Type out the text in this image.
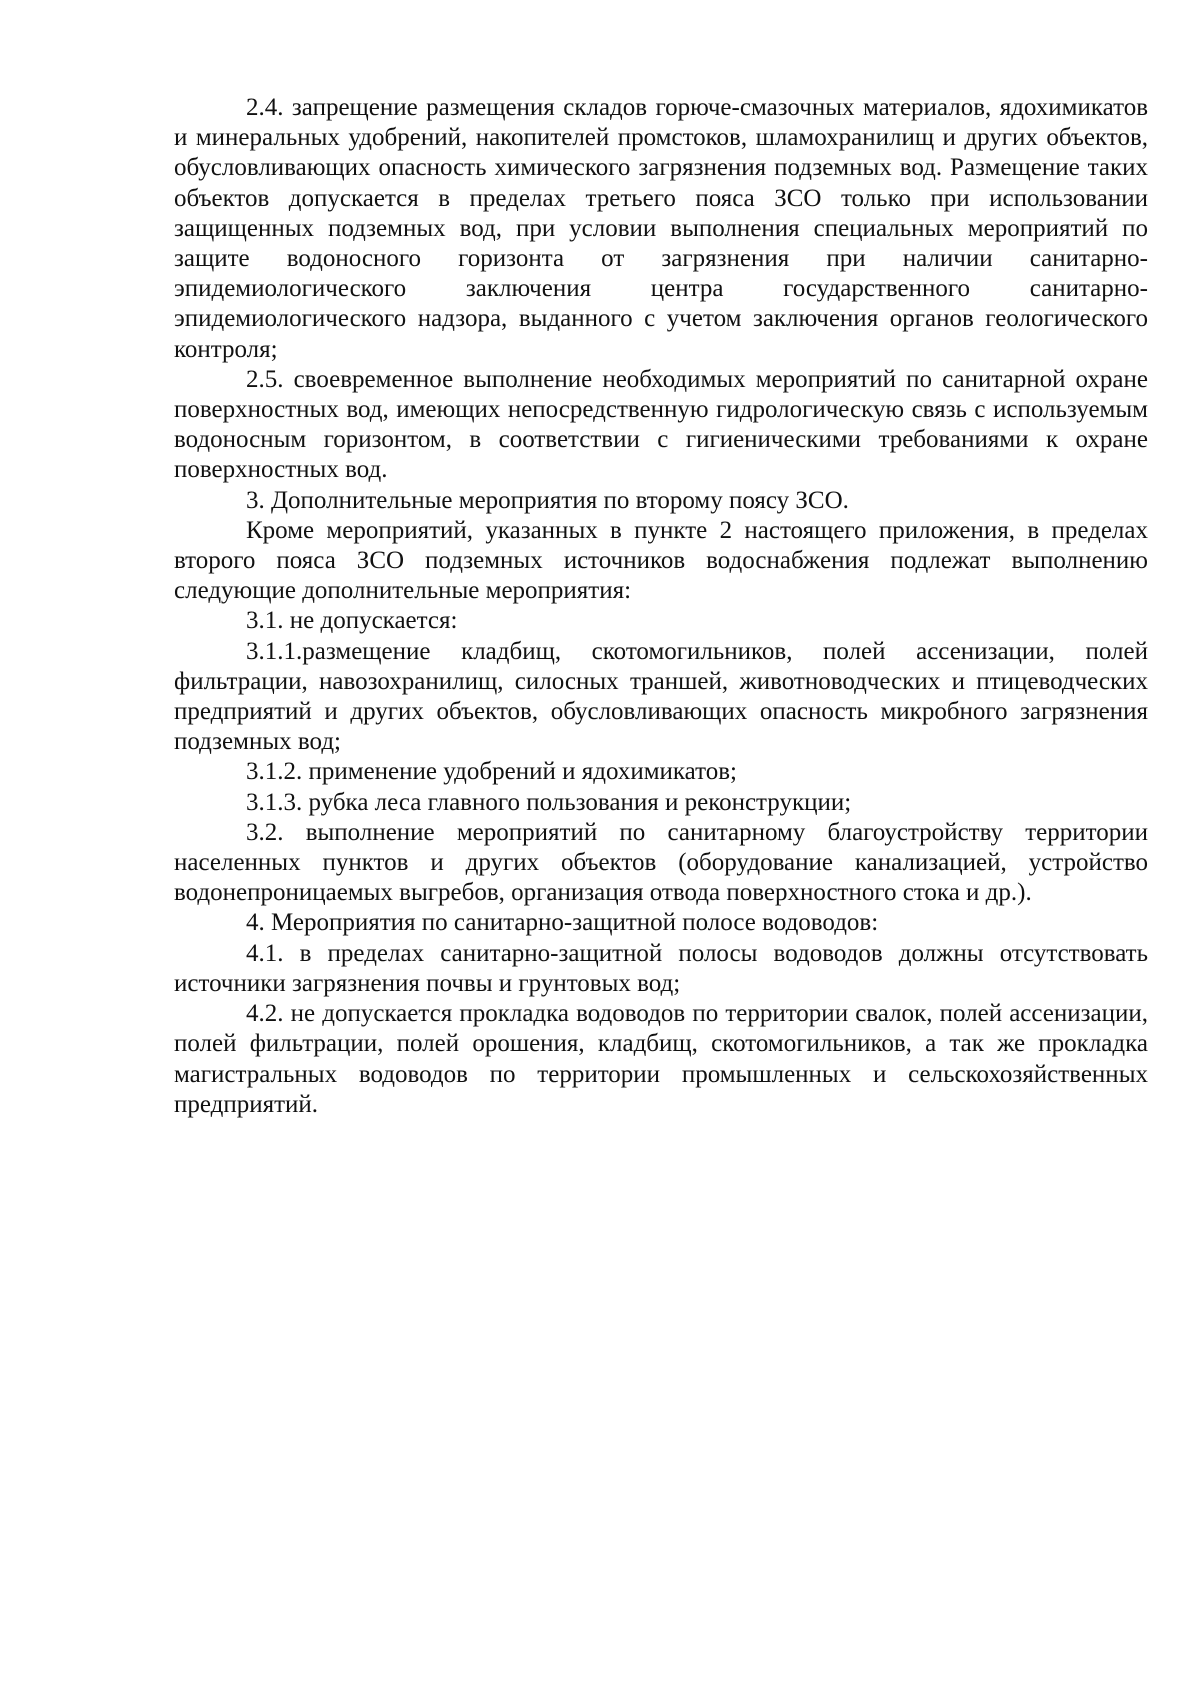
2.4. запрещение размещения складов горюче-смазочных материалов, ядохимикатов и минеральных удобрений, накопителей промстоков, шламохранилищ и других объектов, обусловливающих опасность химического загрязнения подземных вод. Размещение таких объектов допускается в пределах третьего пояса ЗСО только при использовании защищенных подземных вод, при условии выполнения специальных мероприятий по защите водоносного горизонта от загрязнения при наличии санитарно-эпидемиологического заключения центра государственного санитарно-эпидемиологического надзора, выданного с учетом заключения органов геологического контроля;

2.5. своевременное выполнение необходимых мероприятий по санитарной охране поверхностных вод, имеющих непосредственную гидрологическую связь с используемым водоносным горизонтом, в соответствии с гигиеническими требованиями к охране поверхностных вод.

3. Дополнительные мероприятия по второму поясу ЗСО.

Кроме мероприятий, указанных в пункте 2 настоящего приложения, в пределах второго пояса ЗСО подземных источников водоснабжения подлежат выполнению следующие дополнительные мероприятия:

3.1. не допускается:

3.1.1.размещение кладбищ, скотомогильников, полей ассенизации, полей фильтрации, навозохранилищ, силосных траншей, животноводческих и птицеводческих предприятий и других объектов, обусловливающих опасность микробного загрязнения подземных вод;

3.1.2. применение удобрений и ядохимикатов;

3.1.3. рубка леса главного пользования и реконструкции;

3.2. выполнение мероприятий по санитарному благоустройству территории населенных пунктов и других объектов (оборудование канализацией, устройство водонепроницаемых выгребов, организация отвода поверхностного стока и др.).

4. Мероприятия по санитарно-защитной полосе водоводов:

4.1. в пределах санитарно-защитной полосы водоводов должны отсутствовать источники загрязнения почвы и грунтовых вод;

4.2. не допускается прокладка водоводов по территории свалок, полей ассенизации, полей фильтрации, полей орошения, кладбищ, скотомогильников, а так же прокладка магистральных водоводов по территории промышленных и сельскохозяйственных предприятий.
